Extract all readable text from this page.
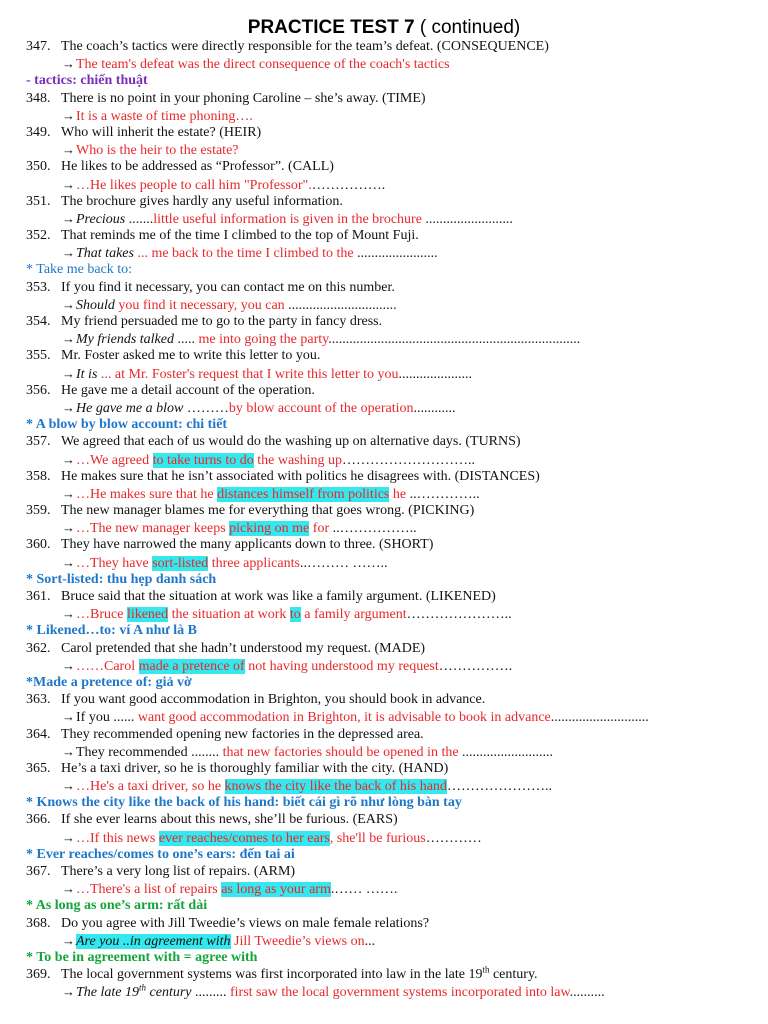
PRACTICE TEST 7 ( continued)
347. The coach’s tactics were directly responsible for the team’s defeat. (CONSEQUENCE)
→The team's defeat was the direct consequence of the coach's tactics
- tactics: chiến thuật
348. There is no point in your phoning Caroline – she’s away. (TIME)
→It is a waste of time phoning….
349. Who will inherit the estate? (HEIR)
→Who is the heir to the estate?
350. He likes to be addressed as “Professor”. (CALL)
→…He likes people to call him "Professor".…………….
351. The brochure gives hardly any useful information.
→Precious .......little useful information is given in the brochure .........................
352. That reminds me of the time I climbed to the top of Mount Fuji.
→That takes ... me back to the time I climbed to the .......................
* Take me back to:
353. If you find it necessary, you can contact me on this number.
→Should you find it necessary, you can ...............................
354. My friend persuaded me to go to the party in fancy dress.
→My friends talked ..... me into going the party........................................................................
355. Mr. Foster asked me to write this letter to you.
→It is ... at Mr. Foster's request that I write this letter to you.....................
356. He gave me a detail account of the operation.
→He gave me a blow ………by blow account of the operation............
* A blow by blow account: chi tiết
357. We agreed that each of us would do the washing up on alternative days. (TURNS)
→…We agreed to take turns to do the washing up………………………..
358. He makes sure that he isn’t associated with politics he disagrees with. (DISTANCES)
→…He makes sure that he distances himself from politics he ..…………..
359. The new manager blames me for everything that goes wrong. (PICKING)
→…The new manager keeps picking on me for ..……………..
360. They have narrowed the many applicants down to three. (SHORT)
→…They have sort-listed three applicants..……… ……..
* Sort-listed: thu hẹp danh sách
361. Bruce said that the situation at work was like a family argument. (LIKENED)
→…Bruce likened the situation at work to a family argument…………………..
* Likened…to: ví A như là B
362. Carol pretended that she hadn’t understood my request. (MADE)
→……Carol made a pretence of not having understood my request…………….
*Made a pretence of: giả vờ
363. If you want good accommodation in Brighton, you should book in advance.
→If you ...... want good accommodation in Brighton, it is advisable to book in advance............................
364. They recommended opening new factories in the depressed area.
→They recommended ........ that new factories should be opened in the ..........................
365. He’s a taxi driver, so he is thoroughly familiar with the city. (HAND)
→…He's a taxi driver, so he knows the city like the back of his hand…………………..
* Knows the city like the back of his hand: biết cái gì rõ như lòng bàn tay
366. If she ever learns about this news, she’ll be furious. (EARS)
→…If this news ever reaches/comes to her ears, she'll be furious…………
* Ever reaches/comes to one’s ears: đến tai ai
367. There’s a very long list of repairs. (ARM)
→…There's a list of repairs as long as your arm.…… …….
* As long as one’s arm: rất dài
368. Do you agree with Jill Tweedie’s views on male female relations?
→Are you ..in agreement with Jill Tweedie’s views on...
* To be in agreement with = agree with
369. The local government systems was first incorporated into law in the late 19th century.
→The late 19th century ......... first saw the local government systems incorporated into law..........
